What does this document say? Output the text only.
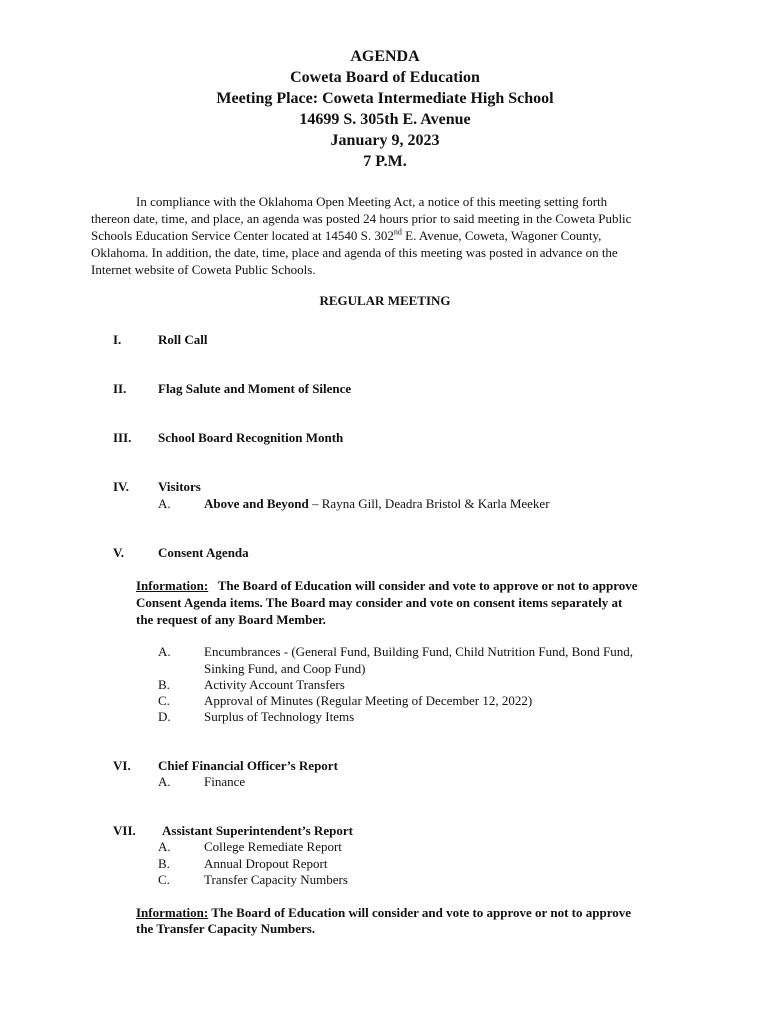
AGENDA
Coweta Board of Education
Meeting Place: Coweta Intermediate High School
14699 S. 305th E. Avenue
January 9, 2023
7 P.M.
In compliance with the Oklahoma Open Meeting Act, a notice of this meeting setting forth
thereon date, time, and place, an agenda was posted 24 hours prior to said meeting in the Coweta Public
Schools Education Service Center located at 14540 S. 302nd E. Avenue, Coweta, Wagoner County,
Oklahoma. In addition, the date, time, place and agenda of this meeting was posted in advance on the
Internet website of Coweta Public Schools.
REGULAR MEETING
I.	Roll Call
II. Flag Salute and Moment of Silence
III. School Board Recognition Month
IV. Visitors
A.	Above and Beyond – Rayna Gill, Deadra Bristol & Karla Meeker
V.	Consent Agenda
Information:   The Board of Education will consider and vote to approve or not to approve
Consent Agenda items. The Board may consider and vote on consent items separately at
the request of any Board Member.
A.	Encumbrances - (General Fund, Building Fund, Child Nutrition Fund, Bond Fund,
Sinking Fund, and Coop Fund)
B.	Activity Account Transfers
C.	Approval of Minutes (Regular Meeting of December 12, 2022)
D.	Surplus of Technology Items
VI. Chief Financial Officer’s Report
A.	Finance
VII. Assistant Superintendent’s Report
A.	College Remediate Report
B.	Annual Dropout Report
C.	Transfer Capacity Numbers
Information: The Board of Education will consider and vote to approve or not to approve
the Transfer Capacity Numbers.
